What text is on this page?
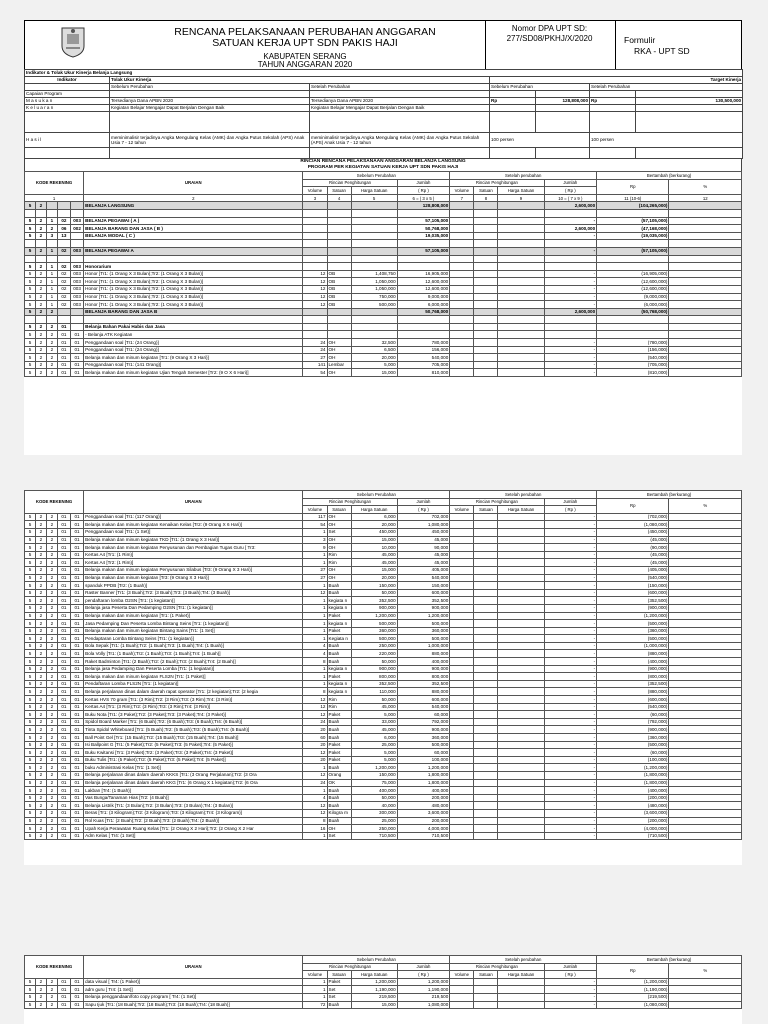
RENCANA PELAKSANAAN PERUBAHAN ANGGARAN
SATUAN KERJA UPT SDN PAKIS HAJI
KABUPATEN SERANG
TAHUN ANGGARAN 2020
Nomor DPA UPT SD:
277/SD08/PKHJ/X/2020	Formulir
RKA - UPT SD
Indikator & Tolak Ukur Kinerja Belanja Langsung						
Indikator	Tolak Ukur Kinerja		Target Kinerja			
	Sebelum Perubahan	Setelah Perubahan	Sebelum Perubahan		Setelah Perubahan	
Capaian Program						
M a s u k a n	Tersedianya Dana APBN 2020	Tersedianya Dana APBN 2020	Rp	128,808,000	Rp	130,500,000
K e l u a r a n	Kegiatan Belajar Mengajar Dapat Berjalan Dengan Baik	Kegiatan Belajar Mengajar Dapat Berjalan Dengan Baik				

H a s i l	meminimalisir terjadinya Angka Mengulang Kelas (AMK) dan Angka Putus Sekolah (APS) Anak Usia 7 - 12 tahun	meminimalisir terjadinya Angka Mengulang Kelas (AMK) dan Angka Putus Sekolah (APS) Anak Usia 7 - 12 tahun	100 persen		100 persen	

RINCIAN RENCANA PELAKSANAAN ANGGARAN BELANJA LANGSUNG
PROGRAM PER KEGIATAN SATUAN KERJA UPT SDN PAKIS HAJI
KODE REKENING					URAIAN	Sebelum Perubahan				Setelah perubahan				Bertambah (berkurang)	
						Rincian Penghitungan			Jumlah	Rincian Penghitungan			Jumlah	Rp	%
						Volume	Satuan	Harga Satuan	( Rp )	Volume	Satuan	Harga Satuan	( Rp )		
1					2	3	4	5	6 = ( 3 x 5 )	7	8	9	10 = ( 7 x 9 )	11 (10-6)	12
5	2				BELANJA LANGSUNG				128,808,000				2,600,000	(104,265,000)	

5	2	1	02	003	BELANJA PEGAWAI ( A )				57,105,000				-	(57,105,000)	
5	2	2	06	002	BELANJA BARANG DAN JASA ( B )				50,768,000				2,600,000	(47,168,000)	
5	2	3	13		BELANJA MODAL ( C )				19,035,000				-	(19,035,000)	

5	2	1	02	003	BELANJA PEGAWAI A				57,105,000				-	(57,105,000)	

5	2	1	02	003	Honorarium										
5	2	1	02	003	Honor [Tr1: (1 Orang X 3 Bulan);Tr2: (1 Orang X 3 Bulan)]	12	OB	1,408,750	16,905,000				-	(16,905,000)	
5	2	1	02	003	Honor [Tr1: (1 Orang X 3 Bulan);Tr2: (1 Orang X 3 Bulan)]	12	OB	1,050,000	12,600,000				-	(12,600,000)	
5	2	1	02	003	Honor [Tr1: (1 Orang X 3 Bulan);Tr2: (1 Orang X 3 Bulan)]	12	OB	1,050,000	12,600,000				-	(12,600,000)	
5	2	1	02	003	Honor [Tr1: (1 Orang X 3 Bulan);Tr2: (1 Orang X 3 Bulan)]	12	OB	750,000	9,000,000				-	(9,000,000)	
5	2	1	02	003	Honor [Tr1: (1 Orang X 3 Bulan);Tr2: (1 Orang X 3 Bulan)]	12	OB	500,000	6,000,000				-	(6,000,000)	
5	2	2			BELANJA BARANG DAN JASA B				50,768,000				2,600,000	(50,768,000)	

5	2	2	01		Belanja Bahan Pakai Habis dan Jasa										
5	2	2	01	01	- Belanja ATK Kegiatan										
5	2	2	01	01	Penggandaan soal [Tr1: (24 Orang)]	24	OH	32,500	780,000				-	(780,000)	
5	2	2	01	01	Penggandaan soal [Tr1: (24 Orang)]	24	OH	6,500	156,000				-	(156,000)	
5	2	2	01	01	Belanja makan dan minum kegiatan [Tr1: (9 Orang X 3 Hari)]	27	OH	20,000	540,000				-	(540,000)	
5	2	2	01	01	Penggandaan soal [Tr1: (141 Orang)]	141	Lembar	5,000	705,000				-	(705,000)	
5	2	2	01	01	Belanja makan dan minum kegiatan Ujian Tengah Semester [Tr2: (9 O X 6 Hari)]	54	OH	15,000	810,000				-	(810,000)	
KODE REKENING					URAIAN	Sebelum Perubahan				Setelah perubahan				Bertambah (berkurang)	
						Rincian Penghitungan			Jumlah	Rincian Penghitungan			Jumlah	Rp	%
						Volume	Satuan	Harga Satuan	( Rp )	Volume	Satuan	Harga Satuan	( Rp )		
5	2	2	01	01	Penggandaan soal [Tr1: (117 Orang)]	117	OH	6,000	702,000				-	(702,000)	
5	2	2	01	01	Belanja makan dan minum kegiatan Kenaikan Kelas [Tr2: (9 Orang X 6 Hari)]	54	OH	20,000	1,080,000				-	(1,080,000)	
5	2	2	01	01	Penggandaan soal [Tr1: (1 Set)]	1	Set	450,000	450,000				-	(450,000)	
5	2	2	01	01	Belanja makan dan minum kegiatan TKD [Tr1: (1 Orang X 3 Hari)]	3	OH	15,000	45,000				-	(45,000)	
5	2	2	01	01	Belanja makan dan minum kegiatan Penyusunan dan Pembagian Tugas Guru [ Tr3:	9	OH	10,000	90,000				-	(90,000)	
5	2	2	01	01	Kertas A4 [Tr1: (1 Rim)]	1	Rim	45,000	45,000				-	(45,000)	
5	2	2	01	01	Kertas A4 [Tr2: (1 Rim)]	1	Rim	45,000	45,000				-	(45,000)	
5	2	2	01	01	Belanja makan dan minum kegiatan Penyusunan Silabus [Tr3: (9 Orang X 3 Hari)]	27	OH	15,000	405,000				-	(405,000)	
5	2	2	01	01	Belanja makan dan minum kegiatan [Tr3: (9 Orang X 3 Hari)]	27	OH	20,000	540,000				-	(540,000)	
5	2	2	01	01	spanduk PPDB [Tr2: (1 Buah)]	1	Buah	150,000	150,000				-	(150,000)	
5	2	2	01	01	Raster Banner [Tr1: (3 Buah);Tr2: (3 Buah);Tr3: (3 Buah);Tr4: (3 Buah)]	12	Buah	50,000	600,000				-	(600,000)	
5	2	2	01	01	pendaftaran lomba O2SN [Tr1: (1 kegiatan)]	1	kegiata n	352,500	352,500				-	(352,500)	
5	2	2	01	01	Belanja jasa Peserta Dan Pedamping O2SN [Tr1: (1 kegiatan)]	1	kegiata n	900,000	900,000				-	(900,000)	
5	2	2	01	01	Belanja makan dan minum kegiatan [Tr1: (1 Paket)]	1	Paket	1,200,000	1,200,000				-	(1,200,000)	
5	2	2	01	01	Jasa Pedamping Dan Peserta Lomba Bintang Seins [Tr1: (1 kegiatan)]	1	kegiata n	500,000	500,000				-	(500,000)	
5	2	2	01	01	Belanja makan dan minum kegiatan Bintang Sains [Tr1: (1 Set)]	1	Paket	360,000	360,000				-	(360,000)	
5	2	2	01	01	Pendaptaran Lomba Bintang Seins [Tr1: (1 kegiatan)]	1	Kegiata n	500,000	500,000				-	(500,000)	
5	2	2	01	01	Bola Sepak [Tr1: (1 Buah);Tr2: (1 Buah);Tr3: (1 Buah);Tr4: (1 Buah)]	4	Buah	250,000	1,000,000				-	(1,000,000)	
5	2	2	01	01	Bola Volly [Tr1: (1 Buah);Tr2: (1 Buah);Tr3: (1 Buah);Tr4: (1 Buah)]	4	Buah	220,000	880,000				-	(880,000)	
5	2	2	01	01	Raket Badminton [Tr1: (2 Buah);Tr2: (2 Buah);Tr3: (2 Buah);Tr4: (2 Buah)]	8	Buah	50,000	400,000				-	(400,000)	
5	2	2	01	01	Belanja jasa Pedamping Dan Peserta Lomba [Tr1: (1 kegiatan)]	1	kegiata n	900,000	900,000				-	(900,000)	
5	2	2	01	01	Belanja makan dan minum kegiatan FLS2N [Tr1: (1 Paket)]	1	Paket	800,000	800,000				-	(800,000)	
5	2	2	01	01	Pendaftaran Lomba FLS2N [Tr1: (1 kegiatan)]	1	kegiata n	352,500	352,500				-	(352,500)	
5	2	2	01	01	Belanja perjalanan dinas dalam daerah rapat operator [Tr1: (2 kegiatan);Tr2: (2 kegia	8	kegiata n	110,000	880,000				-	(880,000)	
5	2	2	01	01	Kertas HVS 70 gram [Tr1: (3 Rim);Tr2: (3 Rim);Tr3: (3 Rim);Tr4: (3 Rim)]	12	Rim	50,000	600,000				-	(600,000)	
5	2	2	01	01	Kertas A4 [Tr1: (3 Rim);Tr2: (3 Rim);Tr3: (3 Rim);Tr4: (3 Rim)]	12	Rim	45,000	540,000				-	(540,000)	
5	2	2	01	01	Buku Nota [Tr1: (3 Paket);Tr2: (3 Paket);Tr3: (3 Paket);Tr4: (3 Paket)]	12	Paket	5,000	60,000				-	(60,000)	
5	2	2	01	01	Spidol Board Marker [Tr1: (6 Buah);Tr2: (6 Buah);Tr3: (6 Buah);Tr4: (6 Buah)]	24	Buah	33,000	792,000				-	(792,000)	
5	2	2	01	01	Tinta Spidol Whiteboard [Tr1: (5 Buah);Tr2: (5 Buah);Tr3: (5 Buah);Tr4: (5 Buah)]	20	Buah	45,000	900,000				-	(900,000)	
5	2	2	01	01	Ball Point Gel [Tr1: (15 Buah);Tr2: (15 Buah);Tr3: (15 Buah);Tr4: (15 Buah)]	60	Buah	6,000	360,000				-	(360,000)	
5	2	2	01	01	Isi Ballpoint G [Tr1: (5 Paket);Tr2: (5 Paket);Tr3: (5 Paket);Tr4: (5 Paket)]	20	Paket	25,000	500,000				-	(500,000)	
5	2	2	01	01	Buku Kwitansi [Tr1: (3 Paket);Tr2: (3 Paket);Tr3: (3 Paket);Tr4: (3 Paket)]	12	Paket	5,000	60,000				-	(60,000)	
5	2	2	01	01	Buku Tulis [Tr1: (5 Paket);Tr2: (5 Paket);Tr3: (5 Paket);Tr4: (5 Paket)]	20	Paket	5,000	100,000				-	(100,000)	
5	2	2	01	01	buku Administrasi Kelas [Tr1: (1 Set)]	1	Buah	1,200,000	1,200,000				-	(1,200,000)	
5	2	2	01	01	Belanja perjalanan dinas dalam daerah KKKS [Tr1: (3 Orang Perjalanan);Tr2: (3 Ora	12	Orang	150,000	1,800,000				-	(1,800,000)	
5	2	2	01	01	Belanja perjalanan dinas dalam daerah KKG [Tr1: (6 Orang X 1 kegiatan);Tr2: (6 Ora	24	OK	75,000	1,800,000				-	(1,800,000)	
5	2	2	01	01	Lakban [Tr4: (1 Buah)]	1	Buah	400,000	400,000				-	(400,000)	
5	2	2	01	01	Vas Bunga/Tanaman Hias [Tr2: (4 Buah)]	4	Buah	50,000	200,000				-	(200,000)	
5	2	2	01	01	Belanja Listrik [Tr1: (3 Bulan);Tr2: (3 Bulan);Tr3: (3 Bulan);Tr4: (3 Bulan)]	12	Buah	40,000	480,000				-	(480,000)	
5	2	2	01	01	Beras [Tr1: (3 Kilogram);Tr2: (3 Kilogram);Tr3: (3 Kilogram);Tr4: (3 Kilogram)]	12	Kilogra m	300,000	3,600,000				-	(3,600,000)	
5	2	2	01	01	Rol Kuas [Tr1: (2 Buah);Tr2: (2 Buah);Tr3: (2 Buah);Tr4: (2 Buah)]	8	Buah	25,000	200,000				-	(200,000)	
5	2	2	01	01	Upah Kerja Perawatan Ruang Kelas [Tr1: (2 Orang X 2 Hari);Tr2: (2 Orang X 2 Har	16	OH	250,000	4,000,000				-	(4,000,000)	
5	2	2	01	01	Adm Kelas [ Tr4: (1 Set)]	1	Set	710,500	710,500				-	(710,500)	
KODE REKENING					URAIAN	Sebelum Perubahan				Setelah perubahan				Bertambah (berkurang)	
						Rincian Penghitungan			Jumlah	Rincian Penghitungan			Jumlah	Rp	%
						Volume	Satuan	Harga Satuan	( Rp )	Volume	Satuan	Harga Satuan	( Rp )		
5	2	2	01	01	data visual [ Tr4: (1 Paket)]	1	Paket	1,200,000	1,200,000				-	(1,200,000)	
5	2	2	01	01	adm guru [ Tr4: (1 Set)]	1	Set	1,190,000	1,190,000				-	(1,190,000)	
5	2	2	01	01	Belanja penggandaan/foto copy program [ Tr4: (1 Set)]	1	Set	219,500	219,500				-	(219,500)	
5	2	2	01	01	Sapu Ijuk [Tr1: (18 Buah);Tr2: (18 Buah);Tr3: (18 Buah);Tr4: (18 Buah)]	72	Buah	15,000	1,080,000				-	(1,080,000)	
